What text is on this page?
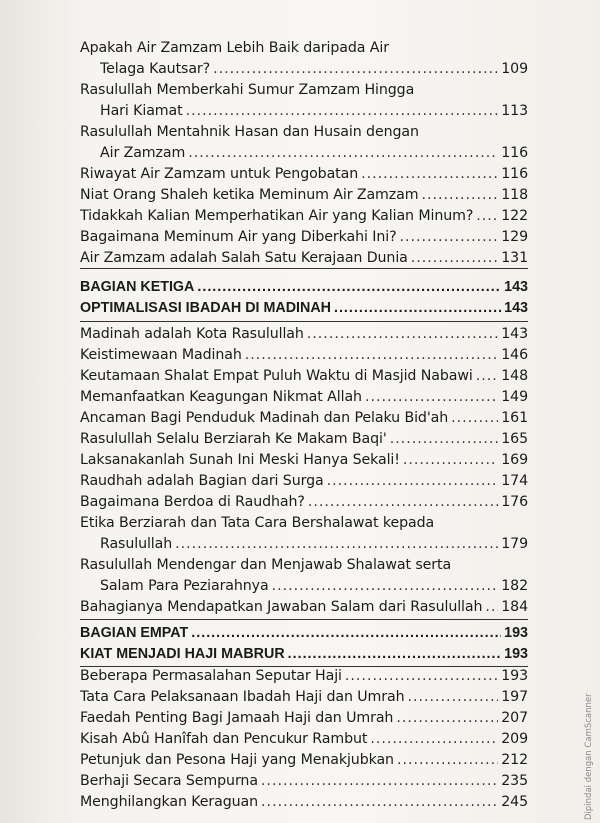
Apakah Air Zamzam Lebih Baik daripada Air
Telaga Kautsar? .....	109
Rasulullah Memberkahi Sumur Zamzam Hingga
Hari Kiamat .....	113
Rasulullah Mentahnik Hasan dan Husain dengan
Air Zamzam .....	116
Riwayat Air Zamzam untuk Pengobatan .....	116
Niat Orang Shaleh ketika Meminum Air Zamzam .....	118
Tidakkah Kalian Memperhatikan Air yang Kalian Minum? ..... 122
Bagaimana Meminum Air yang Diberkahi Ini? .....	129
Air Zamzam adalah Salah Satu Kerajaan Dunia .....	131
BAGIAN KETIGA .....	143
OPTIMALISASI IBADAH DI MADINAH .....	143
Madinah adalah Kota Rasulullah .....	143
Keistimewaan Madinah .....	146
Keutamaan Shalat Empat Puluh Waktu di Masjid Nabawi ..... 148
Memanfaatkan Keagungan Nikmat Allah .....	149
Ancaman Bagi Penduduk Madinah dan Pelaku Bid'ah .....	161
Rasulullah Selalu Berziarah Ke Makam Baqi' .....	165
Laksanakanlah Sunah Ini Meski Hanya Sekali! .....	169
Raudhah adalah Bagian dari Surga .....	174
Bagaimana Berdoa di Raudhah? .....	176
Etika Berziarah dan Tata Cara Bershalawat kepada
Rasulullah .....	179
Rasulullah Mendengar dan Menjawab Shalawat serta
Salam Para Peziarahnya .....	182
Bahagianya Mendapatkan Jawaban Salam dari Rasulullah ..... 184
BAGIAN EMPAT .....	193
KIAT MENJADI HAJI MABRUR .....	193
Beberapa Permasalahan Seputar Haji .....	193
Tata Cara Pelaksanaan Ibadah Haji dan Umrah .....	197
Faedah Penting Bagi Jamaah Haji dan Umrah .....	207
Kisah Abû Hanîfah dan Pencukur Rambut .....	209
Petunjuk dan Pesona Haji yang Menakjubkan .....	212
Berhaji Secara Sempurna .....	235
Menghilangkan Keraguan .....	245	Dipindai dengan CamScanner
